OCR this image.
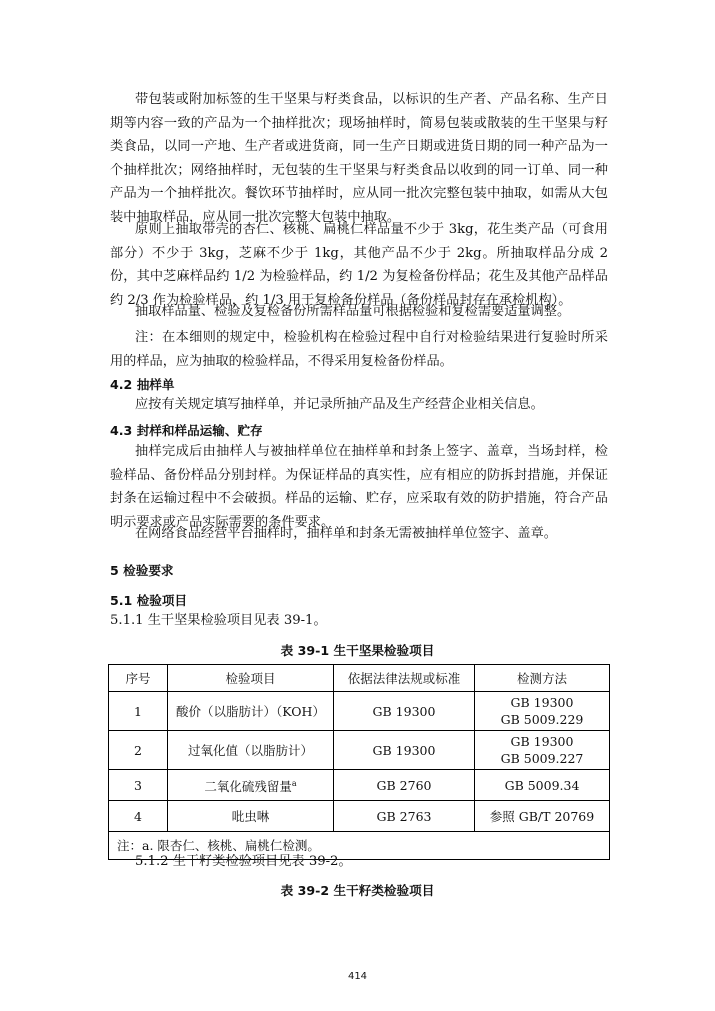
带包装或附加标签的生干坚果与籽类食品，以标识的生产者、产品名称、生产日期等内容一致的产品为一个抽样批次；现场抽样时，简易包装或散装的生干坚果与籽类食品，以同一产地、生产者或进货商，同一生产日期或进货日期的同一种产品为一个抽样批次；网络抽样时，无包装的生干坚果与籽类食品以收到的同一订单、同一种产品为一个抽样批次。餐饮环节抽样时，应从同一批次完整包装中抽取，如需从大包装中抽取样品，应从同一批次完整大包装中抽取。

原则上抽取带壳的杏仁、核桃、扁桃仁样品量不少于 3kg，花生类产品（可食用部分）不少于 3kg，芝麻不少于 1kg，其他产品不少于 2kg。所抽取样品分成 2 份，其中芝麻样品约 1/2 为检验样品，约 1/2 为复检备份样品；花生及其他产品样品约 2/3 作为检验样品，约 1/3 用于复检备份样品（备份样品封存在承检机构）。

抽取样品量、检验及复检备份所需样品量可根据检验和复检需要适量调整。

注：在本细则的规定中，检验机构在检验过程中自行对检验结果进行复验时所采用的样品，应为抽取的检验样品，不得采用复检备份样品。

4.2 抽样单

应按有关规定填写抽样单，并记录所抽产品及生产经营企业相关信息。

4.3 封样和样品运输、贮存

抽样完成后由抽样人与被抽样单位在抽样单和封条上签字、盖章，当场封样，检验样品、备份样品分别封样。为保证样品的真实性，应有相应的防拆封措施，并保证封条在运输过程中不会破损。样品的运输、贮存，应采取有效的防护措施，符合产品明示要求或产品实际需要的条件要求。

在网络食品经营平台抽样时，抽样单和封条无需被抽样单位签字、盖章。

5 检验要求

5.1 检验项目

5.1.1 生干坚果检验项目见表 39-1。

表 39-1 生干坚果检验项目

序号	检验项目	依据法律法规或标准	检测方法
1	酸价（以脂肪计）（KOH）	GB 19300	GB 19300
GB 5009.229
2	过氧化值（以脂肪计）	GB 19300	GB 19300
GB 5009.227
3	二氧化硫残留量$^a$	GB 2760	GB 5009.34
4	吡虫啉	GB 2763	参照 GB/T 20769
注：a. 限杏仁、核桃、扁桃仁检测。			

5.1.2 生干籽类检验项目见表 39-2。

表 39-2 生干籽类检验项目

414
